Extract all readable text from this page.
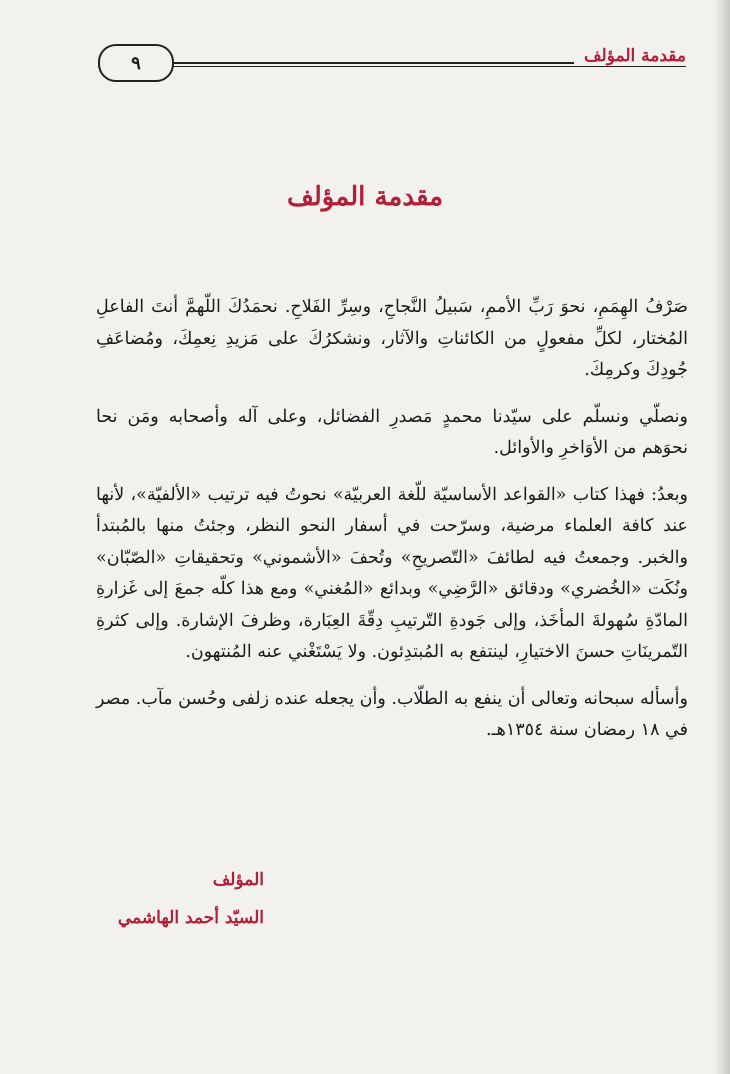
٩	مقدمة المؤلف
مقدمة المؤلف

صَرْفُ الهِمَمِ، نحوَ رَبِّ الأممِ، سَبيلُ النَّجاحِ، وسِرِّ الفَلاحِ. نحمَدُكَ اللّهمَّ أنتَ الفاعلِ المُختار، لكلِّ مفعولٍ من الكائناتِ والآثار، ونشكرُكَ على مَزيدِ نِعمِكَ، ومُضاعَفِ جُودِكَ وكرمِكَ.

ونصلّي ونسلّم على سيّدنا محمدٍ مَصدرِ الفضائل، وعلى آله وأصحابه ومَن نحا نحوَهم من الأوَاخرِ والأوائل.

وبعدُ: فهذا كتاب «القواعد الأساسيّة للّغة العربيّة» نحوتُ فيه ترتيب «الألفيّة»، لأنها عند كافة العلماء مرضية، وسرّحت في أسفار النحو النظر، وجئتُ منها بالمُبتدأ والخبر. وجمعتُ فيه لطائفَ «التّصريحِ» وتُحفَ «الأشموني» وتحقيقاتِ «الصّبّان» ونُكَت «الخُضري» ودقائق «الرَّضِي» وبدائع «المُغني» ومع هذا كلّه جمعَ إلى غَزارةِ المادّةِ سُهولةَ المأخَذ، وإلى جَودةِ التّرتيبِ دِقّةَ العِبَارة، وظرفَ الإشارة. وإلى كثرةِ التّمرينَاتِ حسنَ الاختيارِ، لينتفع به المُبتدِئون. ولا يَسْتَغْني عنه المُنتهون.

وأسأله سبحانه وتعالى أن ينفع به الطلّاب. وأن يجعله عنده زلفى وحُسن مآب. مصر في ١٨ رمضان سنة ١٣٥٤هـ.

المؤلف
السيّد أحمد الهاشمي
